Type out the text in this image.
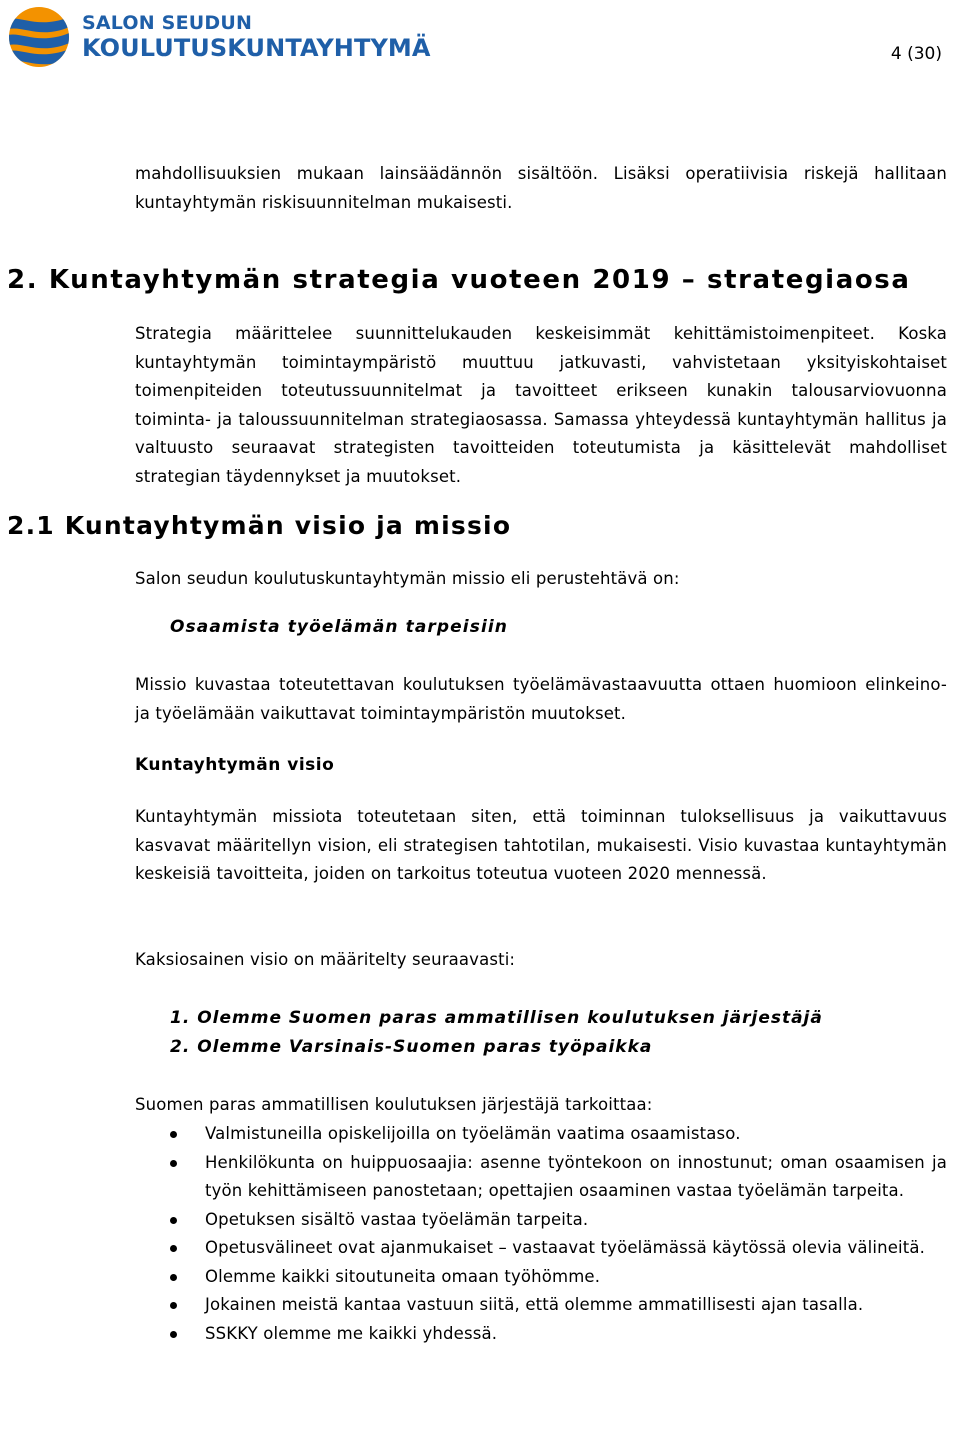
SALON SEUDUN
KOULUTUSKUNTAYHTYMÄ	4 (30)

mahdollisuuksien mukaan lainsäädännön sisältöön. Lisäksi operatiivisia riskejä hallitaan kuntayhtymän riskisuunnitelman mukaisesti.

2. Kuntayhtymän strategia vuoteen 2019 – strategiaosa

Strategia määrittelee suunnittelukauden keskeisimmät kehittämistoimenpiteet. Koska kuntayhtymän toimintaympäristö muuttuu jatkuvasti, vahvistetaan yksityiskohtaiset toimenpiteiden toteutussuunnitelmat ja tavoitteet erikseen kunakin talousarviovuonna toiminta- ja taloussuunnitelman strategiaosassa. Samassa yhteydessä kuntayhtymän hallitus ja valtuusto seuraavat strategisten tavoitteiden toteutumista ja käsittelevät mahdolliset strategian täydennykset ja muutokset.

2.1 Kuntayhtymän visio ja missio

Salon seudun koulutuskuntayhtymän missio eli perustehtävä on:

Osaamista työelämän tarpeisiin

Missio kuvastaa toteutettavan koulutuksen työelämävastaavuutta ottaen huomioon elinkeino- ja työelämään vaikuttavat toimintaympäristön muutokset.

Kuntayhtymän visio

Kuntayhtymän missiota toteutetaan siten, että toiminnan tuloksellisuus ja vaikuttavuus kasvavat määritellyn vision, eli strategisen tahtotilan, mukaisesti. Visio kuvastaa kuntayhtymän keskeisiä tavoitteita, joiden on tarkoitus toteutua vuoteen 2020 mennessä.

Kaksiosainen visio on määritelty seuraavasti:

1. Olemme Suomen paras ammatillisen koulutuksen järjestäjä
2. Olemme Varsinais-Suomen paras työpaikka

Suomen paras ammatillisen koulutuksen järjestäjä tarkoittaa:

Valmistuneilla opiskelijoilla on työelämän vaatima osaamistaso.
Henkilökunta on huippuosaajia: asenne työntekoon on innostunut; oman osaamisen ja työn kehittämiseen panostetaan; opettajien osaaminen vastaa työelämän tarpeita.
Opetuksen sisältö vastaa työelämän tarpeita.
Opetusvälineet ovat ajanmukaiset – vastaavat työelämässä käytössä olevia välineitä.
Olemme kaikki sitoutuneita omaan työhömme.
Jokainen meistä kantaa vastuun siitä, että olemme ammatillisesti ajan tasalla.
SSKKY olemme me kaikki yhdessä.
